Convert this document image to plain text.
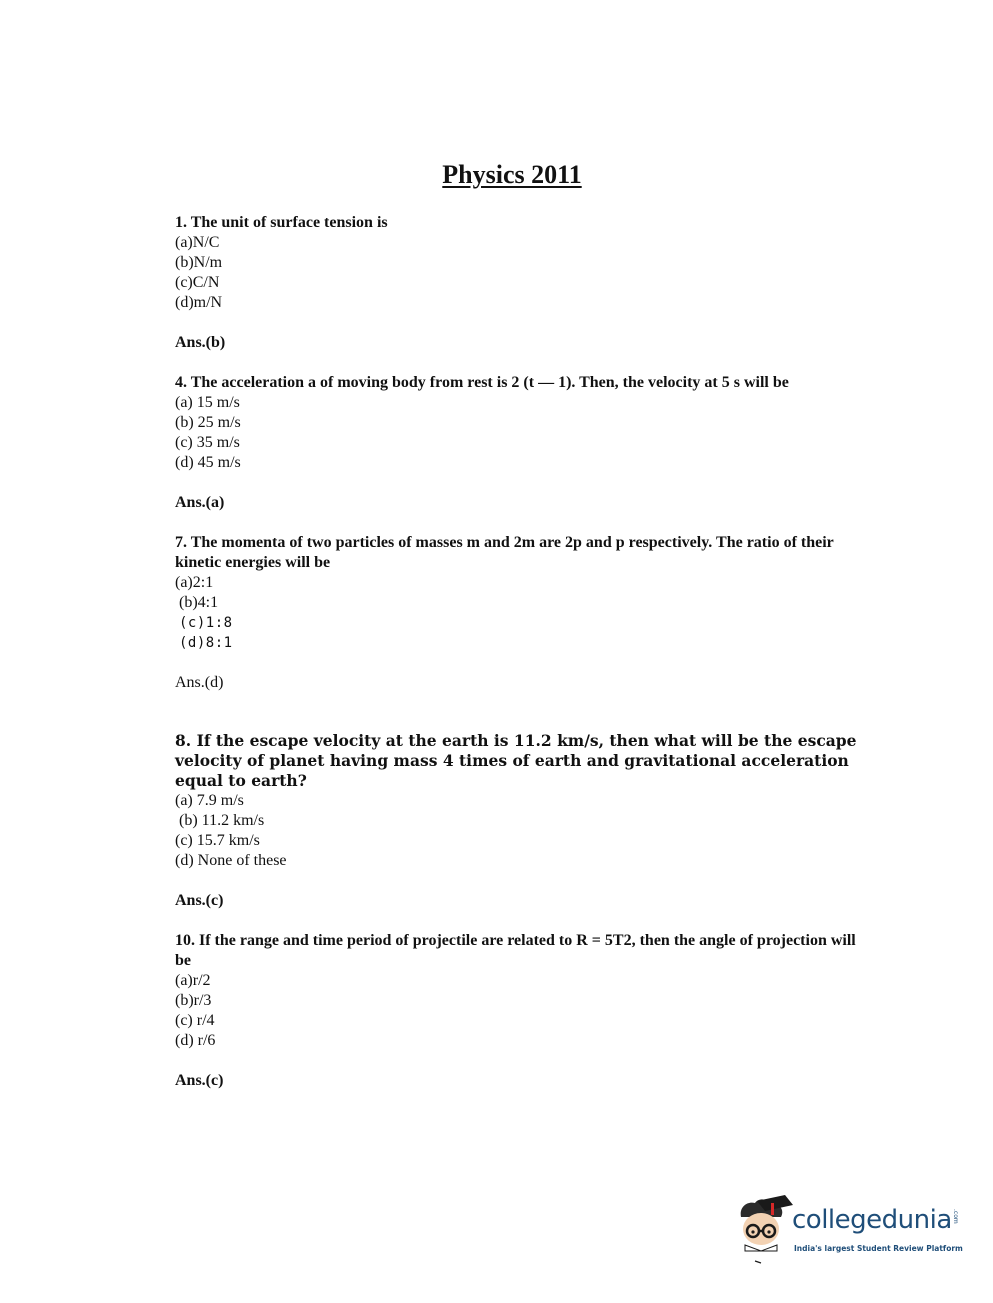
Physics 2011

1. The unit of surface tension is

(a)N/C
(b)N/m
(c)C/N
(d)m/N
Ans.(b)

4. The acceleration a of moving body from rest is 2 (t — 1). Then, the velocity at 5 s will be

(a) 15 m/s
(b) 25 m/s
(c) 35 m/s
(d) 45 m/s
Ans.(a)

7. The momenta of two particles of masses m and 2m are 2p and p respectively. The ratio of their kinetic energies will be

(a)2:1
(b)4:1
(c)1:8
(d)8:1
Ans.(d)

8. If the escape velocity at the earth is 11.2 km/s, then what will be the escape velocity of planet having mass 4 times of earth and gravitational acceleration equal to earth?

(a) 7.9 m/s
(b) 11.2 km/s
(c) 15.7 km/s
(d) None of these
Ans.(c)

10. If the range and time period of projectile are related to R = 5T2, then the angle of projection will be

(a)r/2
(b)r/3
(c) r/4
(d) r/6
Ans.(c)
collegedunia .com
India's largest Student Review Platform
